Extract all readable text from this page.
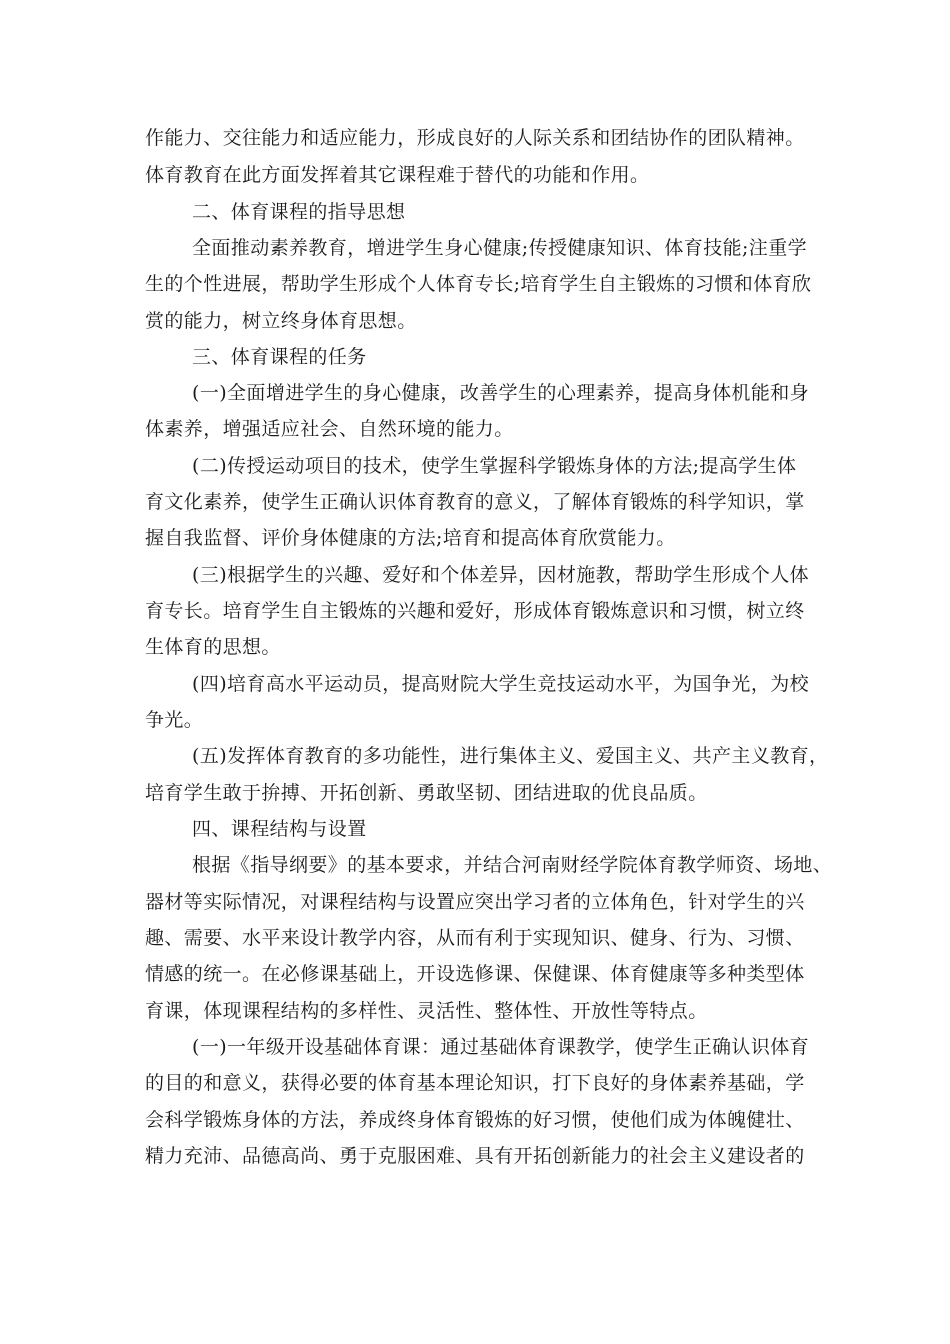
作能力、交往能力和适应能力，形成良好的人际关系和团结协作的团队精神。
体育教育在此方面发挥着其它课程难于替代的功能和作用。
二、体育课程的指导思想
全面推动素养教育，增进学生身心健康;传授健康知识、体育技能;注重学
生的个性进展，帮助学生形成个人体育专长;培育学生自主锻炼的习惯和体育欣
赏的能力，树立终身体育思想。
三、体育课程的任务
(一)全面增进学生的身心健康，改善学生的心理素养，提高身体机能和身
体素养，增强适应社会、自然环境的能力。
(二)传授运动项目的技术，使学生掌握科学锻炼身体的方法;提高学生体
育文化素养，使学生正确认识体育教育的意义，了解体育锻炼的科学知识，掌
握自我监督、评价身体健康的方法;培育和提高体育欣赏能力。
(三)根据学生的兴趣、爱好和个体差异，因材施教，帮助学生形成个人体
育专长。培育学生自主锻炼的兴趣和爱好，形成体育锻炼意识和习惯，树立终
生体育的思想。
(四)培育高水平运动员，提高财院大学生竞技运动水平，为国争光，为校
争光。
(五)发挥体育教育的多功能性，进行集体主义、爱国主义、共产主义教育，
培育学生敢于拚搏、开拓创新、勇敢坚韧、团结进取的优良品质。
四、课程结构与设置
根据《指导纲要》的基本要求，并结合河南财经学院体育教学师资、场地、
器材等实际情况，对课程结构与设置应突出学习者的立体角色，针对学生的兴
趣、需要、水平来设计教学内容，从而有利于实现知识、健身、行为、习惯、
情感的统一。在必修课基础上，开设选修课、保健课、体育健康等多种类型体
育课，体现课程结构的多样性、灵活性、整体性、开放性等特点。
(一)一年级开设基础体育课：通过基础体育课教学，使学生正确认识体育
的目的和意义，获得必要的体育基本理论知识，打下良好的身体素养基础，学
会科学锻炼身体的方法，养成终身体育锻炼的好习惯，使他们成为体魄健壮、
精力充沛、品德高尚、勇于克服困难、具有开拓创新能力的社会主义建设者的
